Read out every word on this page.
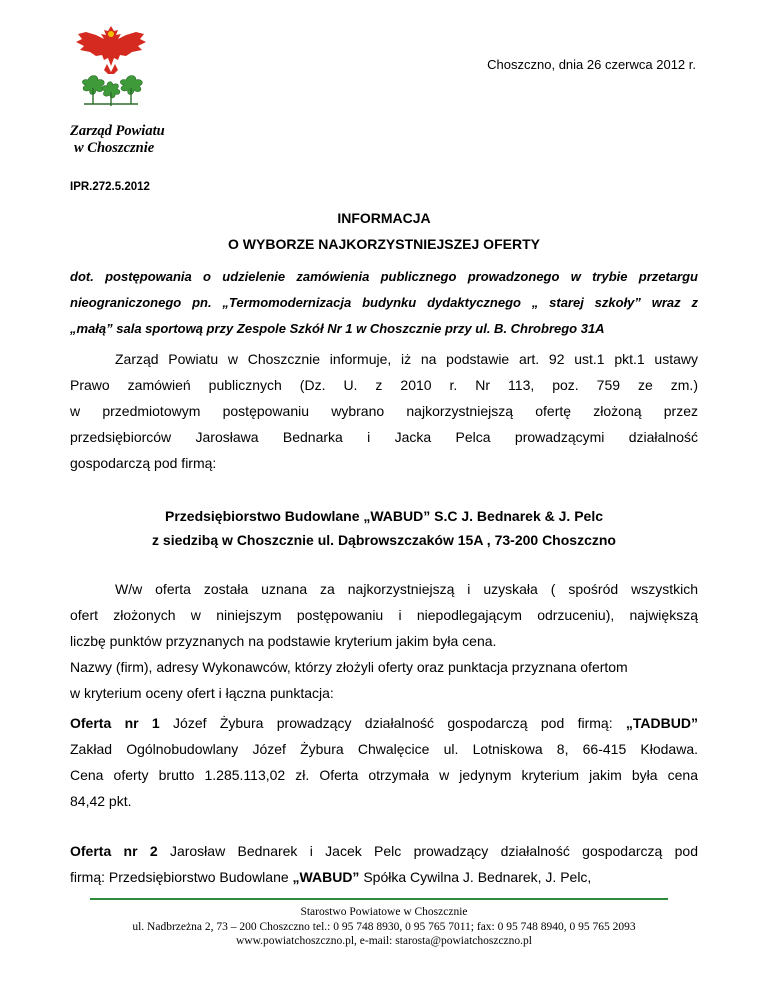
Choszczno, dnia 26 czerwca 2012 r.
Zarząd Powiatu
w Choszcznie
IPR.272.5.2012
INFORMACJA
O WYBORZE NAJKORZYSTNIEJSZEJ OFERTY
dot. postępowania o udzielenie zamówienia publicznego prowadzonego w trybie przetargu
nieograniczonego pn. „Termomodernizacja budynku dydaktycznego „ starej szkoły” wraz z
„małą” sala sportową przy Zespole Szkół Nr 1 w Choszcznie przy ul. B. Chrobrego 31A
Zarząd Powiatu w Choszcznie informuje, iż na podstawie art. 92 ust.1 pkt.1 ustawy
Prawo zamówień publicznych (Dz. U. z 2010 r. Nr 113, poz. 759 ze zm.)
w przedmiotowym postępowaniu wybrano najkorzystniejszą ofertę złożoną przez
przedsiębiorców Jarosława Bednarka i Jacka Pelca prowadzącymi działalność
gospodarczą pod firmą:
Przedsiębiorstwo Budowlane „WABUD” S.C J. Bednarek & J. Pelc
z siedzibą w Choszcznie ul. Dąbrowszczaków 15A , 73-200 Choszczno
W/w oferta została uznana za najkorzystniejszą i uzyskała ( spośród wszystkich
ofert złożonych w niniejszym postępowaniu i niepodlegającym odrzuceniu), największą
liczbę punktów przyznanych na podstawie kryterium jakim była cena.
Nazwy (firm), adresy Wykonawców, którzy złożyli oferty oraz punktacja przyznana ofertom
w kryterium oceny ofert i łączna punktacja:
Oferta nr 1 Józef Żybura prowadzący działalność gospodarczą pod firmą: „TADBUD”
Zakład Ogólnobudowlany Józef Żybura Chwalęcice ul. Lotniskowa 8, 66-415 Kłodawa.
Cena oferty brutto 1.285.113,02 zł. Oferta otrzymała w jedynym kryterium jakim była cena
84,42 pkt.
Oferta nr 2 Jarosław Bednarek i Jacek Pelc prowadzący działalność gospodarczą pod
firmą: Przedsiębiorstwo Budowlane „WABUD” Spółka Cywilna J. Bednarek, J. Pelc,
Starostwo Powiatowe w Choszcznie
ul. Nadbrzeżna 2, 73 – 200 Choszczno tel.: 0 95 748 8930, 0 95 765 7011; fax: 0 95 748 8940, 0 95 765 2093
www.powiatchoszczno.pl, e-mail: starosta@powiatchoszczno.pl
